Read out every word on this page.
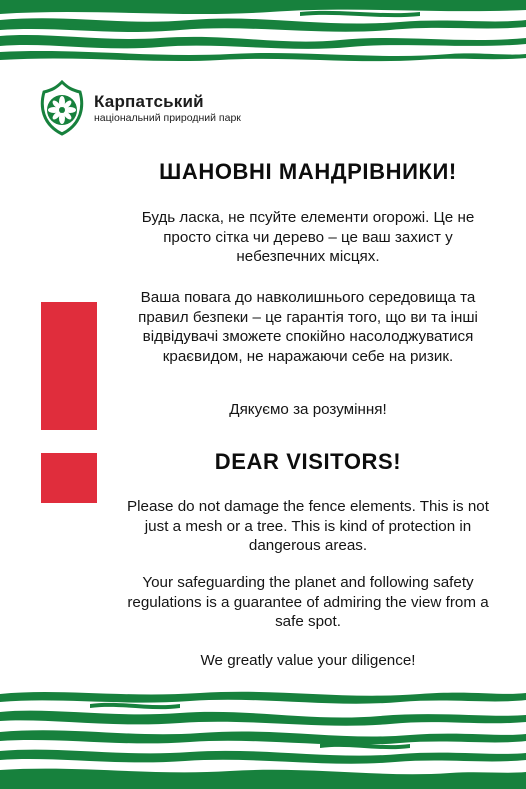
Карпатський
національний природний парк
ШАНОВНІ МАНДРІВНИКИ!

Будь ласка, не псуйте елементи огорожі. Це не просто сітка чи дерево – це ваш захист у небезпечних місцях.

Ваша повага до навколишнього середовища та правил безпеки – це гарантія того, що ви та інші відвідувачі зможете спокійно насолоджуватися краєвидом, не наражаючи себе на ризик.

Дякуємо за розуміння!

DEAR VISITORS!

Please do not damage the fence elements. This is not just a mesh or a tree. This is kind of protection in dangerous areas.

Your safeguarding the planet and following safety regulations is a guarantee of admiring the view from a safe spot.

We greatly value your diligence!
